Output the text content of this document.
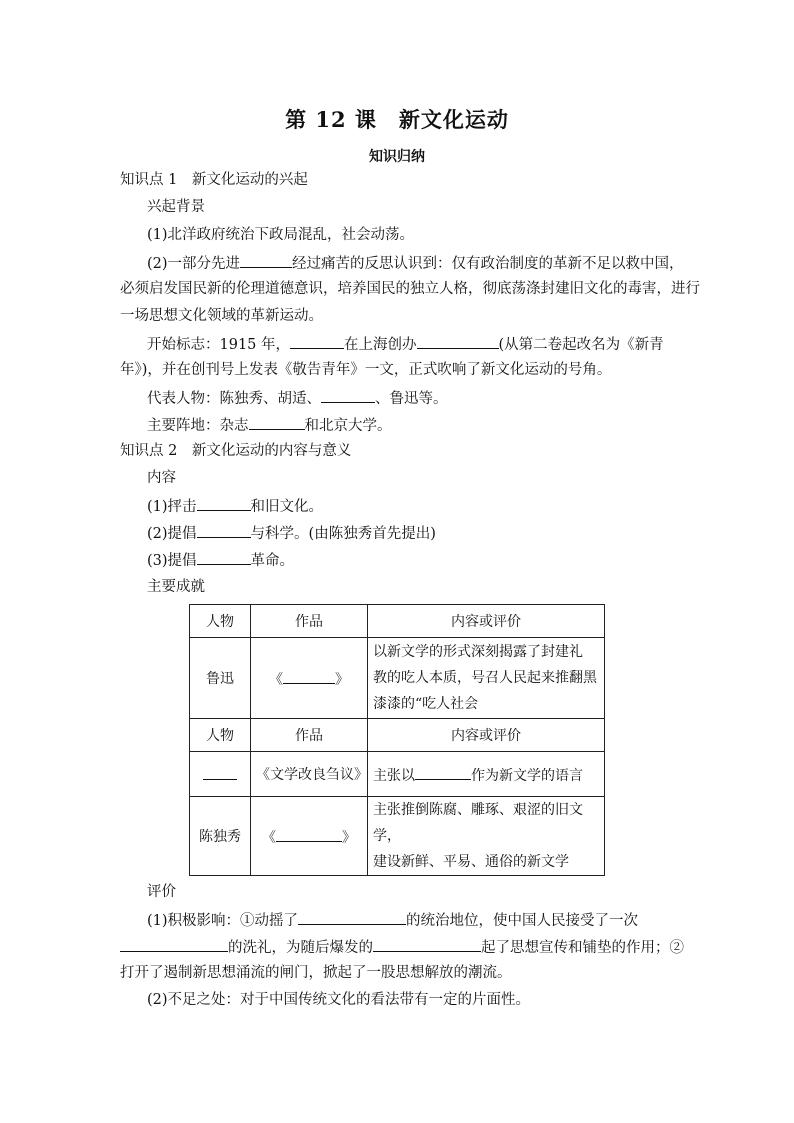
第 12 课　新文化运动
知识归纳
知识点 1　新文化运动的兴起
兴起背景
(1)北洋政府统治下政局混乱，社会动荡。
(2)一部分先进	经过痛苦的反思认识到：仅有政治制度的革新不足以救中国，
必须启发国民新的伦理道德意识，培养国民的独立人格，彻底荡涤封建旧文化的毒害，进行
一场思想文化领域的革新运动。
开始标志：1915 年，	在上海创办	(从第二卷起改名为《新青
年》)，并在创刊号上发表《敬告青年》一文，正式吹响了新文化运动的号角。
代表人物：陈独秀、胡适、	、鲁迅等。
主要阵地：杂志	和北京大学。
知识点 2　新文化运动的内容与意义
内容
(1)抨击	和旧文化。
(2)提倡	与科学。(由陈独秀首先提出)
(3)提倡	革命。
主要成就
人物	作品	内容或评价
鲁迅	《 》	以新文学的形式深刻揭露了封建礼
教的吃人本质，号召人民起来推翻黑
漆漆的“吃人社会

人物	作品	内容或评价
	《文学改良刍议》	主张以 作为新文学的语言
陈独秀	《 》	主张推倒陈腐、雕琢、艰涩的旧文学，
建设新鲜、平易、通俗的新文学
评价
(1)积极影响：①动摇了	的统治地位，使中国人民接受了一次
的洗礼，为随后爆发的	起了思想宣传和铺垫的作用；②
打开了遏制新思想涌流的闸门，掀起了一股思想解放的潮流。
(2)不足之处：对于中国传统文化的看法带有一定的片面性。
